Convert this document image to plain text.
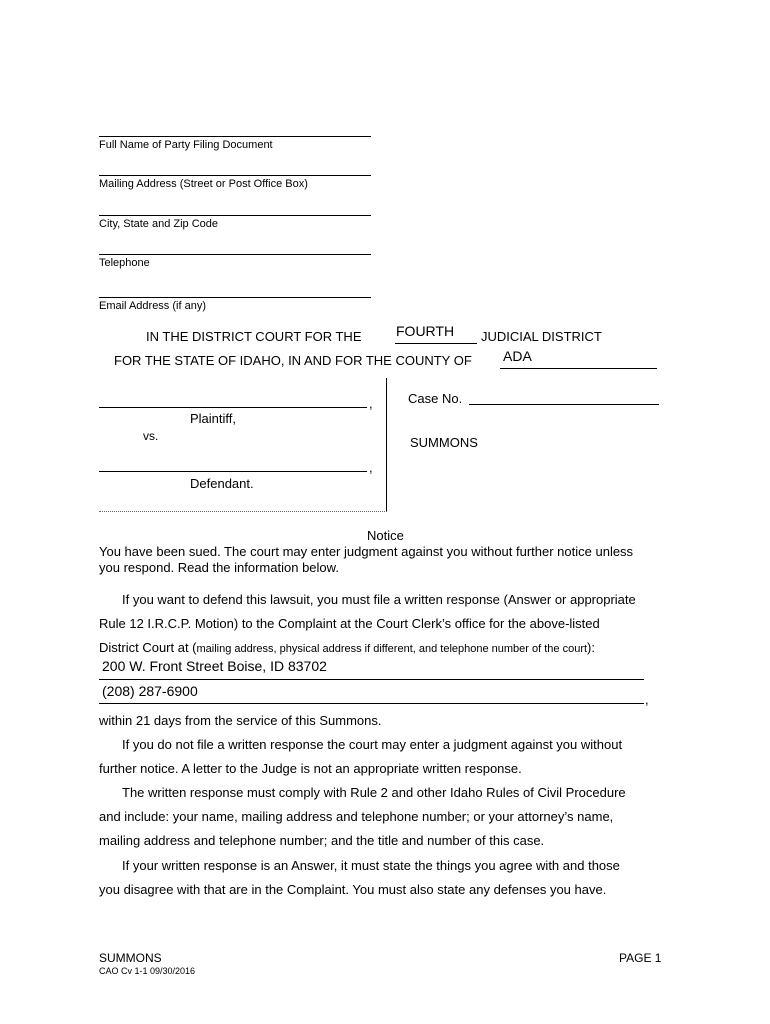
Full Name of Party Filing Document
Mailing Address (Street or Post Office Box)
City, State and Zip Code
Telephone
Email Address (if any)
IN THE DISTRICT COURT FOR THE FOURTH JUDICIAL DISTRICT
FOR THE STATE OF IDAHO, IN AND FOR THE COUNTY OF ADA
,
Plaintiff,
vs.
,
Defendant.
Case No.
SUMMONS
Notice
You have been sued. The court may enter judgment against you without further notice unless
you respond. Read the information below.
If you want to defend this lawsuit, you must file a written response (Answer or appropriate
Rule 12 I.R.C.P. Motion) to the Complaint at the Court Clerk’s office for the above-listed
District Court at (mailing address, physical address if different, and telephone number of the court):
200 W. Front Street Boise, ID 83702
(208) 287-6900
,
within 21 days from the service of this Summons.
If you do not file a written response the court may enter a judgment against you without
further notice. A letter to the Judge is not an appropriate written response.
The written response must comply with Rule 2 and other Idaho Rules of Civil Procedure
and include: your name, mailing address and telephone number; or your attorney’s name,
mailing address and telephone number; and the title and number of this case.
If your written response is an Answer, it must state the things you agree with and those
you disagree with that are in the Complaint. You must also state any defenses you have.
SUMMONS
CAO Cv 1-1 09/30/2016
PAGE 1
